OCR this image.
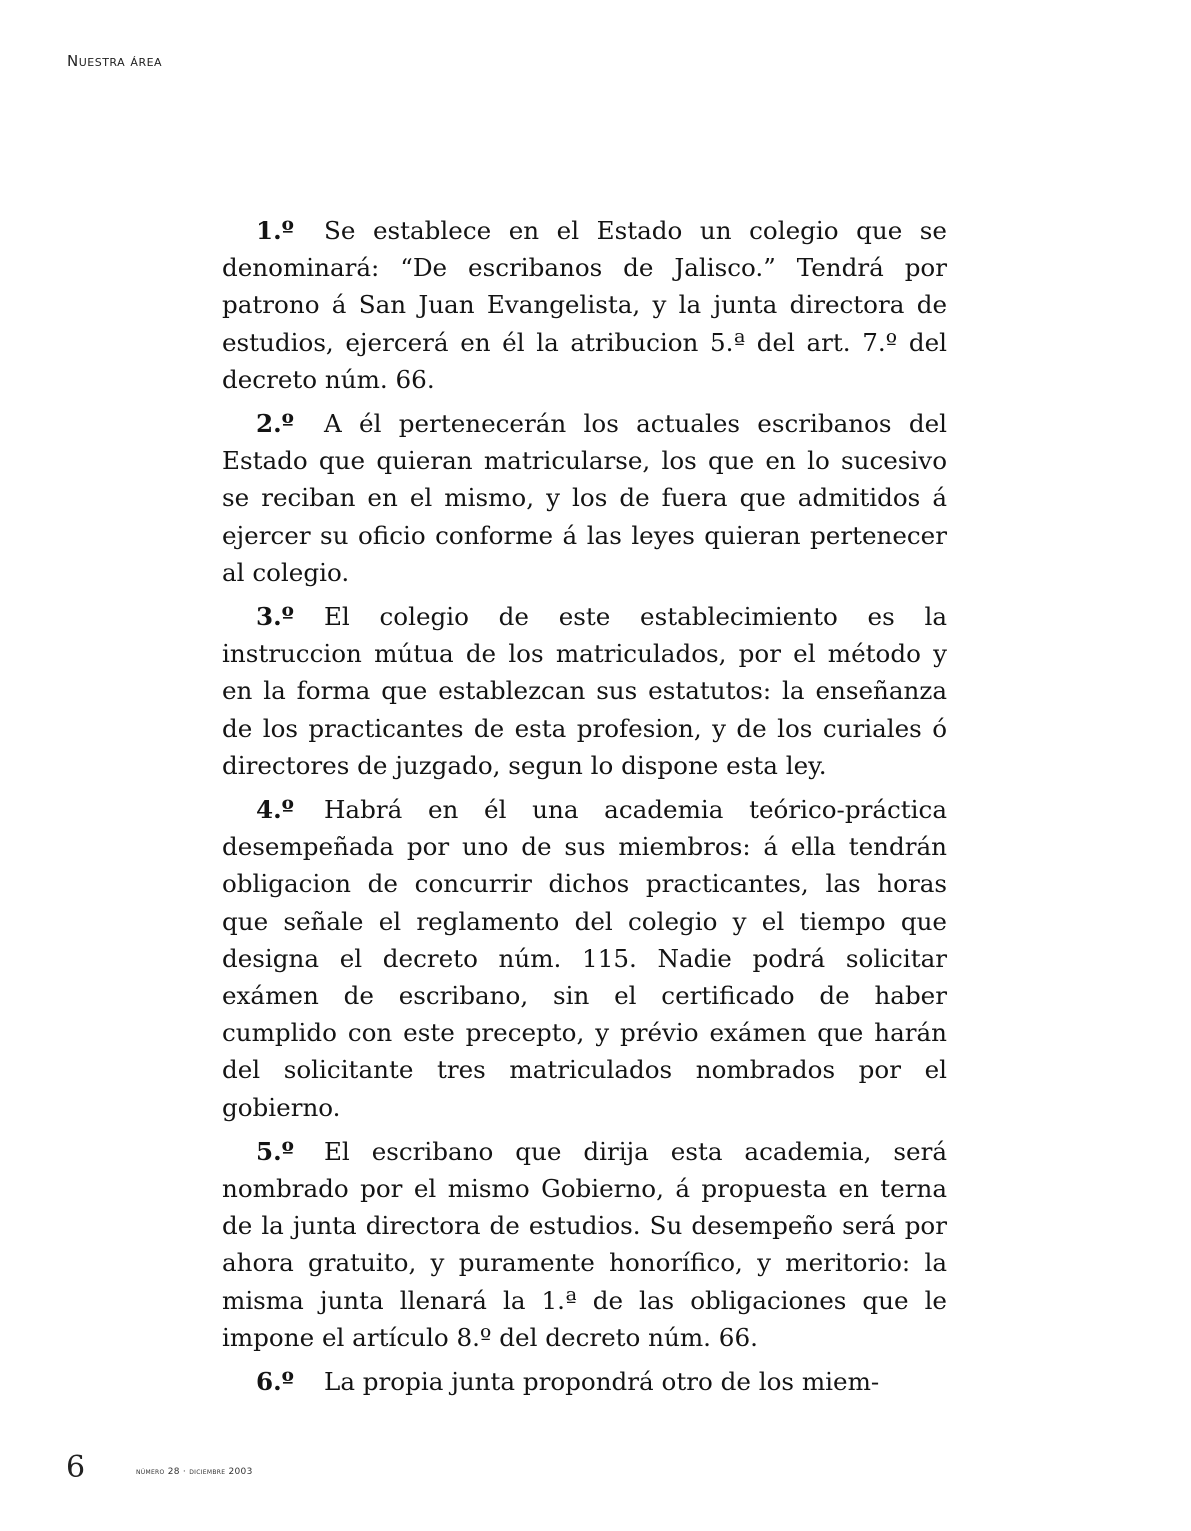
Nuestra área

1.º Se establece en el Estado un colegio que se denominará: “De escribanos de Jalisco.” Tendrá por patrono á San Juan Evangelista, y la junta directora de estudios, ejercerá en él la atribucion 5.ª del art. 7.º del decreto núm. 66.

2.º A él pertenecerán los actuales escribanos del Estado que quieran matricularse, los que en lo sucesivo se reciban en el mismo, y los de fuera que admitidos á ejercer su oficio conforme á las leyes quieran pertenecer al colegio.

3.º El colegio de este establecimiento es la instruccion mútua de los matriculados, por el método y en la forma que establezcan sus estatutos: la enseñanza de los practicantes de esta profesion, y de los curiales ó directores de juzgado, segun lo dispone esta ley.

4.º Habrá en él una academia teórico-práctica desempeñada por uno de sus miembros: á ella tendrán obligacion de concurrir dichos practicantes, las horas que señale el reglamento del colegio y el tiempo que designa el decreto núm. 115. Nadie podrá solicitar exámen de escribano, sin el certificado de haber cumplido con este precepto, y prévio exámen que harán del solicitante tres matriculados nombrados por el gobierno.

5.º El escribano que dirija esta academia, será nombrado por el mismo Gobierno, á propuesta en terna de la junta directora de estudios. Su desempeño será por ahora gratuito, y puramente honorífico, y meritorio: la misma junta llenará la 1.ª de las obligaciones que le impone el artículo 8.º del decreto núm. 66.

6.º La propia junta propondrá otro de los miem-

6	número 28 · diciembre 2003
